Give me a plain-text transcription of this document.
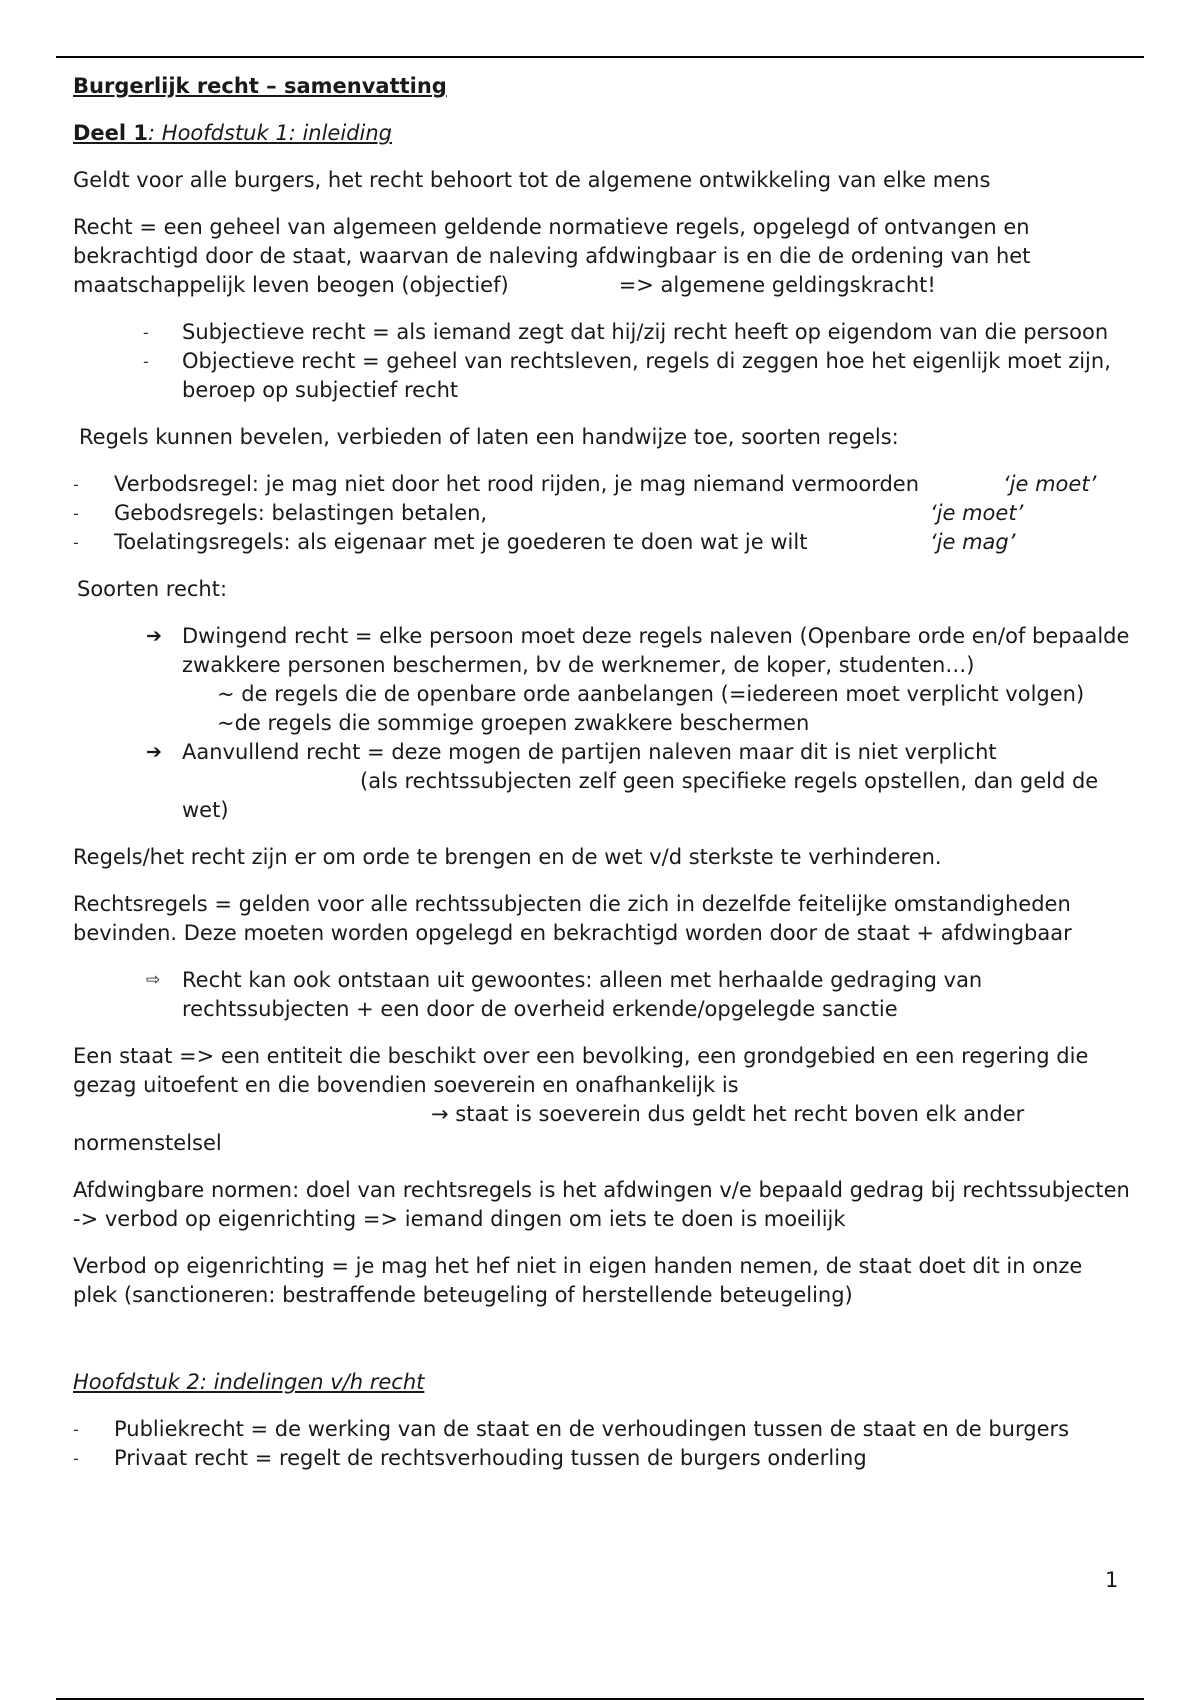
Burgerlijk recht – samenvatting

Deel 1: Hoofdstuk 1: inleiding

Geldt voor alle burgers, het recht behoort tot de algemene ontwikkeling van elke mens

Recht = een geheel van algemeen geldende normatieve regels, opgelegd of ontvangen en bekrachtigd door de staat, waarvan de naleving afdwingbaar is en die de ordening van het maatschappelijk leven beogen (objectief)	=> algemene geldingskracht!

- Subjectieve recht = als iemand zegt dat hij/zij recht heeft op eigendom van die persoon
- Objectieve recht = geheel van rechtsleven, regels di zeggen hoe het eigenlijk moet zijn, beroep op subjectief recht

Regels kunnen bevelen, verbieden of laten een handwijze toe, soorten regels:

- Verbodsregel: je mag niet door het rood rijden, je mag niemand vermoorden	‘je moet’
- Gebodsregels: belastingen betalen,	‘je moet’
- Toelatingsregels: als eigenaar met je goederen te doen wat je wilt	‘je mag’

Soorten recht:

➔ Dwingend recht = elke persoon moet deze regels naleven (Openbare orde en/of bepaalde zwakkere personen beschermen, bv de werknemer, de koper, studenten…)
~ de regels die de openbare orde aanbelangen (=iedereen moet verplicht volgen)
~de regels die sommige groepen zwakkere beschermen
➔ Aanvullend recht = deze mogen de partijen naleven maar dit is niet verplicht
(als rechtssubjecten zelf geen specifieke regels opstellen, dan geld de wet)

Regels/het recht zijn er om orde te brengen en de wet v/d sterkste te verhinderen.

Rechtsregels = gelden voor alle rechtssubjecten die zich in dezelfde feitelijke omstandigheden bevinden. Deze moeten worden opgelegd en bekrachtigd worden door de staat + afdwingbaar

⇨ Recht kan ook ontstaan uit gewoontes: alleen met herhaalde gedraging van rechtssubjecten + een door de overheid erkende/opgelegde sanctie

Een staat => een entiteit die beschikt over een bevolking, een grondgebied en een regering die gezag uitoefent en die bovendien soeverein en onafhankelijk is
→ staat is soeverein dus geldt het recht boven elk ander normenstelsel

Afdwingbare normen: doel van rechtsregels is het afdwingen v/e bepaald gedrag bij rechtssubjecten -> verbod op eigenrichting => iemand dingen om iets te doen is moeilijk

Verbod op eigenrichting = je mag het hef niet in eigen handen nemen, de staat doet dit in onze plek (sanctioneren: bestraffende beteugeling of herstellende beteugeling)

Hoofdstuk 2: indelingen v/h recht

- Publiekrecht = de werking van de staat en de verhoudingen tussen de staat en de burgers
- Privaat recht = regelt de rechtsverhouding tussen de burgers onderling
1
